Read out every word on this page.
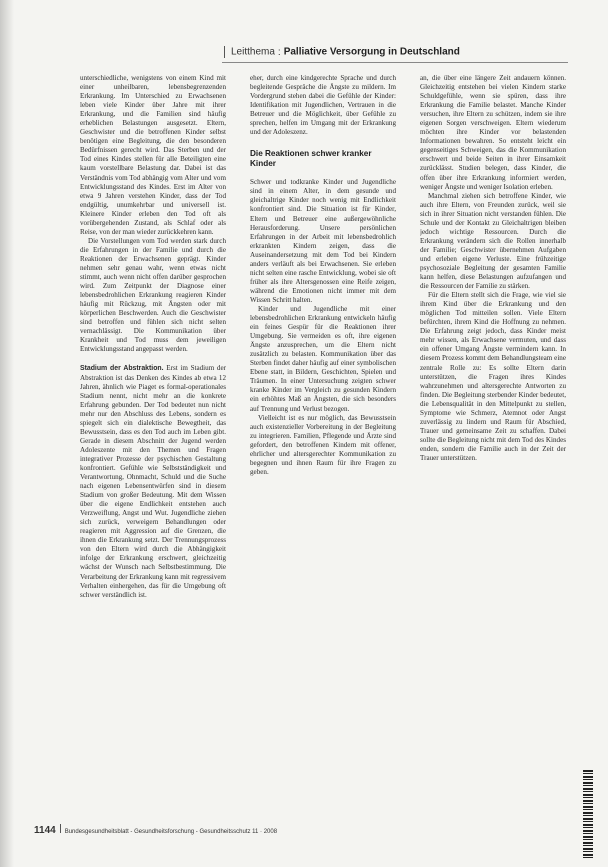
Leitthema : Palliative Versorgung in Deutschland

unterschiedliche, wenigstens von einem Kind mit einer unheilbaren, lebensbegrenzenden Erkrankung. Im Unterschied zu Erwachsenen leben viele Kinder über Jahre mit ihrer Erkrankung, und die Familien sind häufig erheblichen Belastungen ausgesetzt. Eltern, Geschwister und die betroffenen Kinder selbst benötigen eine Begleitung, die den besonderen Bedürfnissen gerecht wird. Das Sterben und der Tod eines Kindes stellen für alle Beteiligten eine kaum vorstellbare Belastung dar. Dabei ist das Verständnis vom Tod abhängig vom Alter und vom Entwicklungsstand des Kindes. Erst im Alter von etwa 9 Jahren verstehen Kinder, dass der Tod endgültig, unumkehrbar und universell ist. Kleinere Kinder erleben den Tod oft als vorübergehenden Zustand, als Schlaf oder als Reise, von der man wieder zurückkehren kann.

Die Vorstellungen vom Tod werden stark durch die Erfahrungen in der Familie und durch die Reaktionen der Erwachsenen geprägt. Kinder nehmen sehr genau wahr, wenn etwas nicht stimmt, auch wenn nicht offen darüber gesprochen wird. Zum Zeitpunkt der Diagnose einer lebensbedrohlichen Erkrankung reagieren Kinder häufig mit Rückzug, mit Ängsten oder mit körperlichen Beschwerden. Auch die Geschwister sind betroffen und fühlen sich nicht selten vernachlässigt. Die Kommunikation über Krankheit und Tod muss dem jeweiligen Entwicklungsstand angepasst werden.

Stadium der Abstraktion. Erst im Stadium der Abstraktion ist das Denken des Kindes ab etwa 12 Jahren, ähnlich wie Piaget es formal-operationales Stadium nennt, nicht mehr an die konkrete Erfahrung gebunden. Der Tod bedeutet nun nicht mehr nur den Abschluss des Lebens, sondern es spiegelt sich ein dialektische Bewegtheit, das Bewusstsein, dass es den Tod auch im Leben gibt. Gerade in diesem Abschnitt der Jugend werden Adoleszente mit den Themen und Fragen integrativer Prozesse der psychischen Gestaltung konfrontiert. Gefühle wie Selbstständigkeit und Verantwortung, Ohnmacht, Schuld und die Suche nach eigenen Lebensentwürfen sind in diesem Stadium von großer Bedeutung. Mit dem Wissen über die eigene Endlichkeit entstehen auch Verzweiflung, Angst und Wut. Jugendliche ziehen sich zurück, verweigern Behandlungen oder reagieren mit Aggression auf die Grenzen, die ihnen die Erkrankung setzt. Der Trennungsprozess von den Eltern wird durch die Abhängigkeit infolge der Erkrankung erschwert, gleichzeitig wächst der Wunsch nach Selbstbestimmung. Die Verarbeitung der Erkrankung kann mit regressivem Verhalten einhergehen, das für die Umgebung oft schwer verständlich ist.

eher, durch eine kindgerechte Sprache und durch begleitende Gespräche die Ängste zu mildern. Im Vordergrund stehen dabei die Gefühle der Kinder: Identifikation mit Jugendlichen, Vertrauen in die Betreuer und die Möglichkeit, über Gefühle zu sprechen, helfen im Umgang mit der Erkrankung und der Adoleszenz.

Die Reaktionen schwer kranker Kinder

Schwer und todkranke Kinder und Jugendliche sind in einem Alter, in dem gesunde und gleichaltrige Kinder noch wenig mit Endlichkeit konfrontiert sind. Die Situation ist für Kinder, Eltern und Betreuer eine außergewöhnliche Herausforderung. Unsere persönlichen Erfahrungen in der Arbeit mit lebensbedrohlich erkrankten Kindern zeigen, dass die Auseinandersetzung mit dem Tod bei Kindern anders verläuft als bei Erwachsenen. Sie erleben nicht selten eine rasche Entwicklung, wobei sie oft früher als ihre Altersgenossen eine Reife zeigen, während die Emotionen nicht immer mit dem Wissen Schritt halten.

Kinder und Jugendliche mit einer lebensbedrohlichen Erkrankung entwickeln häufig ein feines Gespür für die Reaktionen ihrer Umgebung. Sie vermeiden es oft, ihre eigenen Ängste anzusprechen, um die Eltern nicht zusätzlich zu belasten. Kommunikation über das Sterben findet daher häufig auf einer symbolischen Ebene statt, in Bildern, Geschichten, Spielen und Träumen. In einer Untersuchung zeigten schwer kranke Kinder im Vergleich zu gesunden Kindern ein erhöhtes Maß an Ängsten, die sich besonders auf Trennung und Verlust bezogen.

Vielleicht ist es nur möglich, das Bewusstsein auch existenzieller Vorbereitung in der Begleitung zu integrieren. Familien, Pflegende und Ärzte sind gefordert, den betroffenen Kindern mit offener, ehrlicher und altersgerechter Kommunikation zu begegnen und ihnen Raum für ihre Fragen zu geben.

an, die über eine längere Zeit andauern können. Gleichzeitig entstehen bei vielen Kindern starke Schuldgefühle, wenn sie spüren, dass ihre Erkrankung die Familie belastet. Manche Kinder versuchen, ihre Eltern zu schützen, indem sie ihre eigenen Sorgen verschweigen. Eltern wiederum möchten ihre Kinder vor belastenden Informationen bewahren. So entsteht leicht ein gegenseitiges Schweigen, das die Kommunikation erschwert und beide Seiten in ihrer Einsamkeit zurücklässt. Studien belegen, dass Kinder, die offen über ihre Erkrankung informiert werden, weniger Ängste und weniger Isolation erleben.

Manchmal ziehen sich betroffene Kinder, wie auch ihre Eltern, von Freunden zurück, weil sie sich in ihrer Situation nicht verstanden fühlen. Die Schule und der Kontakt zu Gleichaltrigen bleiben jedoch wichtige Ressourcen. Durch die Erkrankung verändern sich die Rollen innerhalb der Familie; Geschwister übernehmen Aufgaben und erleben eigene Verluste. Eine frühzeitige psychosoziale Begleitung der gesamten Familie kann helfen, diese Belastungen aufzufangen und die Ressourcen der Familie zu stärken.

Für die Eltern stellt sich die Frage, wie viel sie ihrem Kind über die Erkrankung und den möglichen Tod mitteilen sollen. Viele Eltern befürchten, ihrem Kind die Hoffnung zu nehmen. Die Erfahrung zeigt jedoch, dass Kinder meist mehr wissen, als Erwachsene vermuten, und dass ein offener Umgang Ängste vermindern kann. In diesem Prozess kommt dem Behandlungsteam eine zentrale Rolle zu: Es sollte Eltern darin unterstützen, die Fragen ihres Kindes wahrzunehmen und altersgerechte Antworten zu finden. Die Begleitung sterbender Kinder bedeutet, die Lebensqualität in den Mittelpunkt zu stellen, Symptome wie Schmerz, Atemnot oder Angst zuverlässig zu lindern und Raum für Abschied, Trauer und gemeinsame Zeit zu schaffen. Dabei sollte die Begleitung nicht mit dem Tod des Kindes enden, sondern die Familie auch in der Zeit der Trauer unterstützen.

1144 Bundesgesundheitsblatt - Gesundheitsforschung - Gesundheitsschutz 11 · 2008
